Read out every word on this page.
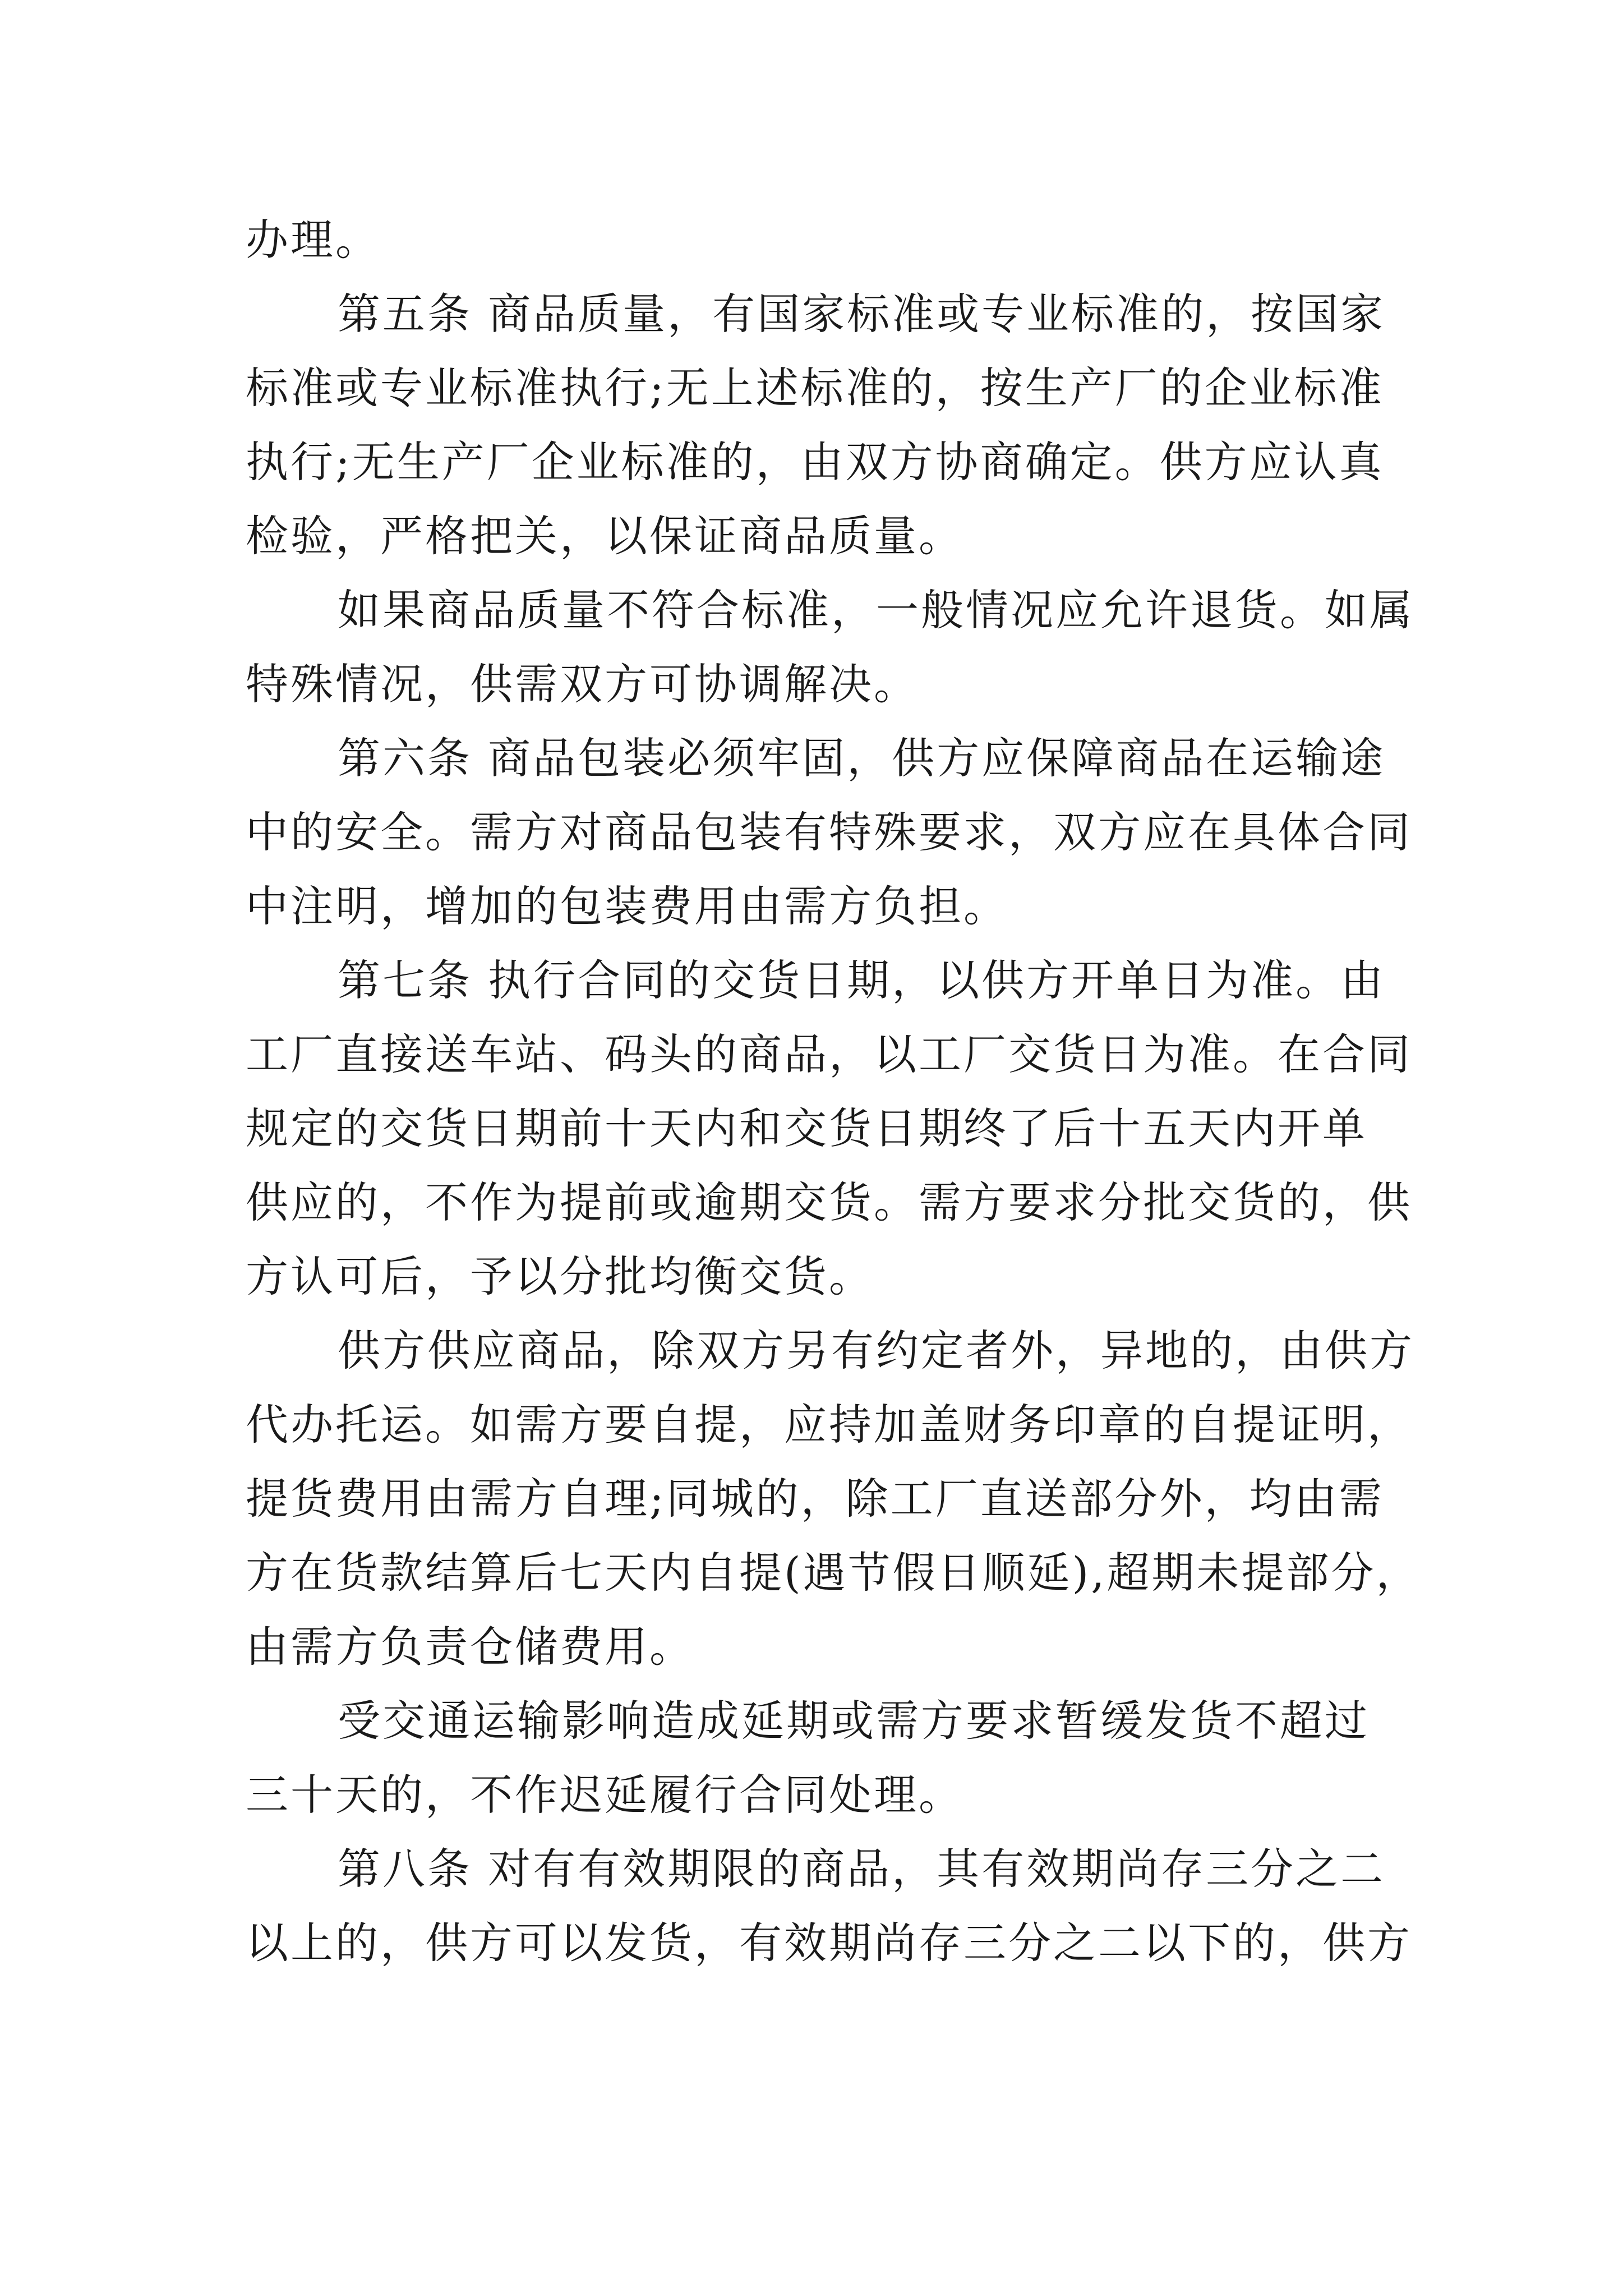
办理。
第五条 商品质量，有国家标准或专业标准的，按国家
标准或专业标准执行;无上述标准的，按生产厂的企业标准
执行;无生产厂企业标准的，由双方协商确定。供方应认真
检验，严格把关，以保证商品质量。
如果商品质量不符合标准，一般情况应允许退货。如属
特殊情况，供需双方可协调解决。
第六条 商品包装必须牢固，供方应保障商品在运输途
中的安全。需方对商品包装有特殊要求，双方应在具体合同
中注明，增加的包装费用由需方负担。
第七条 执行合同的交货日期，以供方开单日为准。由
工厂直接送车站、码头的商品，以工厂交货日为准。在合同
规定的交货日期前十天内和交货日期终了后十五天内开单
供应的，不作为提前或逾期交货。需方要求分批交货的，供
方认可后，予以分批均衡交货。
供方供应商品，除双方另有约定者外，异地的，由供方
代办托运。如需方要自提，应持加盖财务印章的自提证明，
提货费用由需方自理;同城的，除工厂直送部分外，均由需
方在货款结算后七天内自提(遇节假日顺延),超期未提部分，
由需方负责仓储费用。
受交通运输影响造成延期或需方要求暂缓发货不超过
三十天的，不作迟延履行合同处理。
第八条 对有有效期限的商品，其有效期尚存三分之二
以上的，供方可以发货，有效期尚存三分之二以下的，供方
